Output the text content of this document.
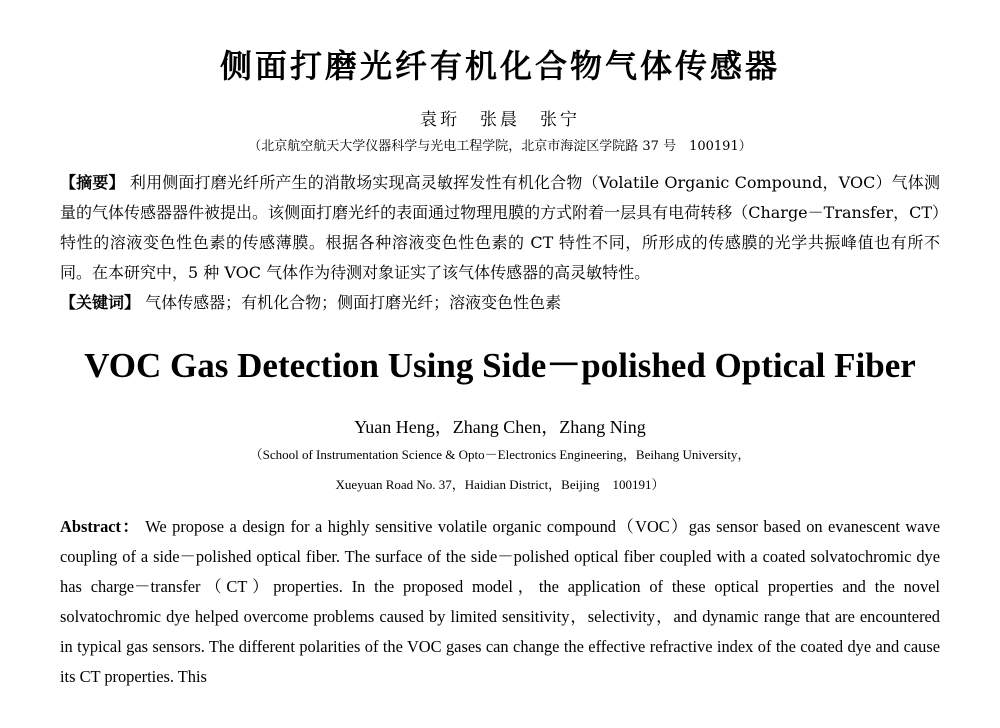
侧面打磨光纤有机化合物气体传感器
袁珩　张晨　张宁
（北京航空航天大学仪器科学与光电工程学院，北京市海淀区学院路 37 号　100191）
【摘要】 利用侧面打磨光纤所产生的消散场实现高灵敏挥发性有机化合物（Volatile Organic Compound，VOC）气体测量的气体传感器器件被提出。该侧面打磨光纤的表面通过物理甩膜的方式附着一层具有电荷转移（Charge－Transfer，CT）特性的溶液变色性色素的传感薄膜。根据各种溶液变色性色素的 CT 特性不同，所形成的传感膜的光学共振峰值也有所不同。在本研究中，5 种 VOC 气体作为待测对象证实了该气体传感器的高灵敏特性。
【关键词】 气体传感器；有机化合物；侧面打磨光纤；溶液变色性色素
VOC Gas Detection Using Side－polished Optical Fiber
Yuan Heng，Zhang Chen，Zhang Ning
（School of Instrumentation Science & Opto－Electronics Engineering，Beihang University，
Xueyuan Road No. 37，Haidian District，Beijing　100191）
Abstract： We propose a design for a highly sensitive volatile organic compound（VOC）gas sensor based on evanescent wave coupling of a side－polished optical fiber. The surface of the side－polished optical fiber coupled with a coated solvatochromic dye has charge－transfer（CT）properties. In the proposed model，the application of these optical properties and the novel solvatochromic dye helped overcome problems caused by limited sensitivity，selectivity，and dynamic range that are encountered in typical gas sensors. The different polarities of the VOC gases can change the effective refractive index of the coated dye and cause its CT properties. This
